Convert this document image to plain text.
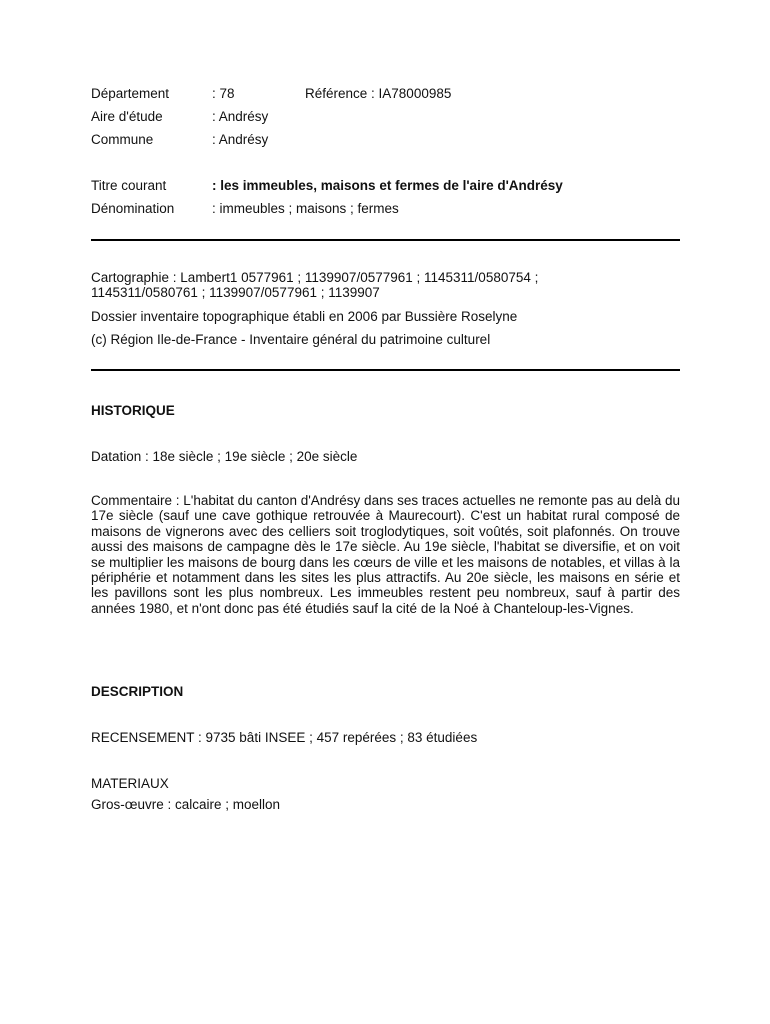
Département	: 78	Référence : IA78000985
Aire d'étude	: Andrésy
Commune	: Andrésy
Titre courant	: les immeubles, maisons et fermes de l'aire d'Andrésy
Dénomination	: immeubles ; maisons ; fermes
Cartographie : Lambert1 0577961 ; 1139907/0577961 ; 1145311/0580754 ; 1145311/0580761 ; 1139907/0577961 ; 1139907
Dossier inventaire topographique établi en 2006 par Bussière Roselyne
(c) Région Ile-de-France - Inventaire général du patrimoine culturel
HISTORIQUE
Datation : 18e siècle ; 19e siècle ; 20e siècle
Commentaire : L'habitat du canton d'Andrésy dans ses traces actuelles ne remonte pas au delà du 17e siècle (sauf une cave gothique retrouvée à Maurecourt). C'est un habitat rural composé de maisons de vignerons avec des celliers soit troglodytiques, soit voûtés, soit plafonnés. On trouve aussi des maisons de campagne dès le 17e siècle. Au 19e siècle, l'habitat se diversifie, et on voit se multiplier les maisons de bourg dans les cœurs de ville et les maisons de notables, et villas à la périphérie et notamment dans les sites les plus attractifs. Au 20e siècle, les maisons en série et les pavillons sont les plus nombreux. Les immeubles restent peu nombreux, sauf à partir des années 1980, et n'ont donc pas été étudiés sauf la cité de la Noé à Chanteloup-les-Vignes.
DESCRIPTION
RECENSEMENT : 9735 bâti INSEE ; 457 repérées ; 83 étudiées
MATERIAUX
Gros-œuvre : calcaire ; moellon
